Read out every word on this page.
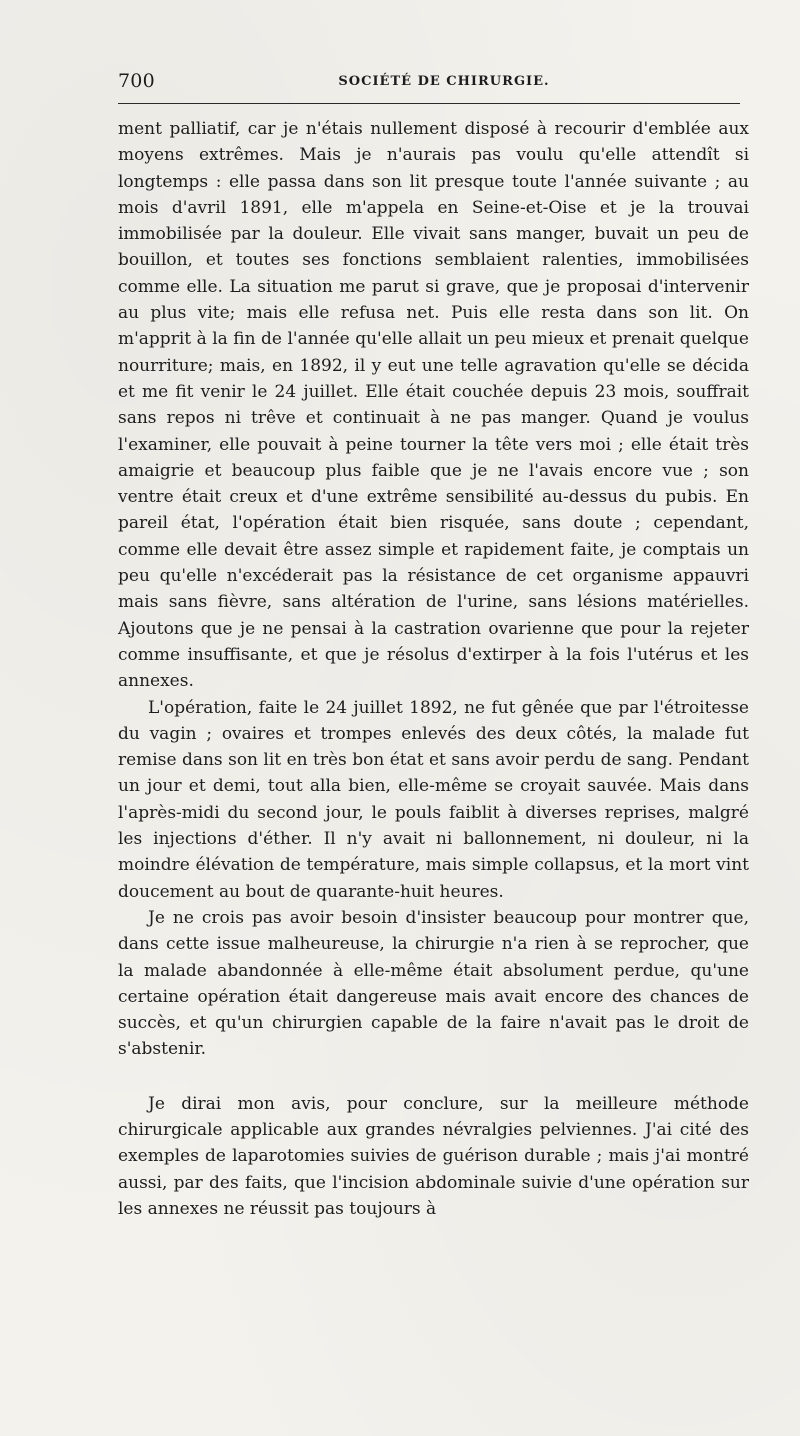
700	SOCIÉTÉ DE CHIRURGIE.

ment palliatif, car je n'étais nullement disposé à recourir d'emblée aux moyens extrêmes. Mais je n'aurais pas voulu qu'elle attendît si longtemps : elle passa dans son lit presque toute l'année suivante ; au mois d'avril 1891, elle m'appela en Seine-et-Oise et je la trouvai immobilisée par la douleur. Elle vivait sans manger, buvait un peu de bouillon, et toutes ses fonctions semblaient ralenties, immobilisées comme elle. La situation me parut si grave, que je proposai d'intervenir au plus vite; mais elle refusa net. Puis elle resta dans son lit. On m'apprit à la fin de l'année qu'elle allait un peu mieux et prenait quelque nourriture; mais, en 1892, il y eut une telle agravation qu'elle se décida et me fit venir le 24 juillet. Elle était couchée depuis 23 mois, souffrait sans repos ni trêve et continuait à ne pas manger. Quand je voulus l'examiner, elle pouvait à peine tourner la tête vers moi ; elle était très amaigrie et beaucoup plus faible que je ne l'avais encore vue ; son ventre était creux et d'une extrême sensibilité au-dessus du pubis. En pareil état, l'opération était bien risquée, sans doute ; cependant, comme elle devait être assez simple et rapidement faite, je comptais un peu qu'elle n'excéderait pas la résistance de cet organisme appauvri mais sans fièvre, sans altération de l'urine, sans lésions matérielles. Ajoutons que je ne pensai à la castration ovarienne que pour la rejeter comme insuffisante, et que je résolus d'extirper à la fois l'utérus et les annexes.

L'opération, faite le 24 juillet 1892, ne fut gênée que par l'étroitesse du vagin ; ovaires et trompes enlevés des deux côtés, la malade fut remise dans son lit en très bon état et sans avoir perdu de sang. Pendant un jour et demi, tout alla bien, elle-même se croyait sauvée. Mais dans l'après-midi du second jour, le pouls faiblit à diverses reprises, malgré les injections d'éther. Il n'y avait ni ballonnement, ni douleur, ni la moindre élévation de température, mais simple collapsus, et la mort vint doucement au bout de quarante-huit heures.

Je ne crois pas avoir besoin d'insister beaucoup pour montrer que, dans cette issue malheureuse, la chirurgie n'a rien à se reprocher, que la malade abandonnée à elle-même était absolument perdue, qu'une certaine opération était dangereuse mais avait encore des chances de succès, et qu'un chirurgien capable de la faire n'avait pas le droit de s'abstenir.

Je dirai mon avis, pour conclure, sur la meilleure méthode chirurgicale applicable aux grandes névralgies pelviennes. J'ai cité des exemples de laparotomies suivies de guérison durable ; mais j'ai montré aussi, par des faits, que l'incision abdominale suivie d'une opération sur les annexes ne réussit pas toujours à
